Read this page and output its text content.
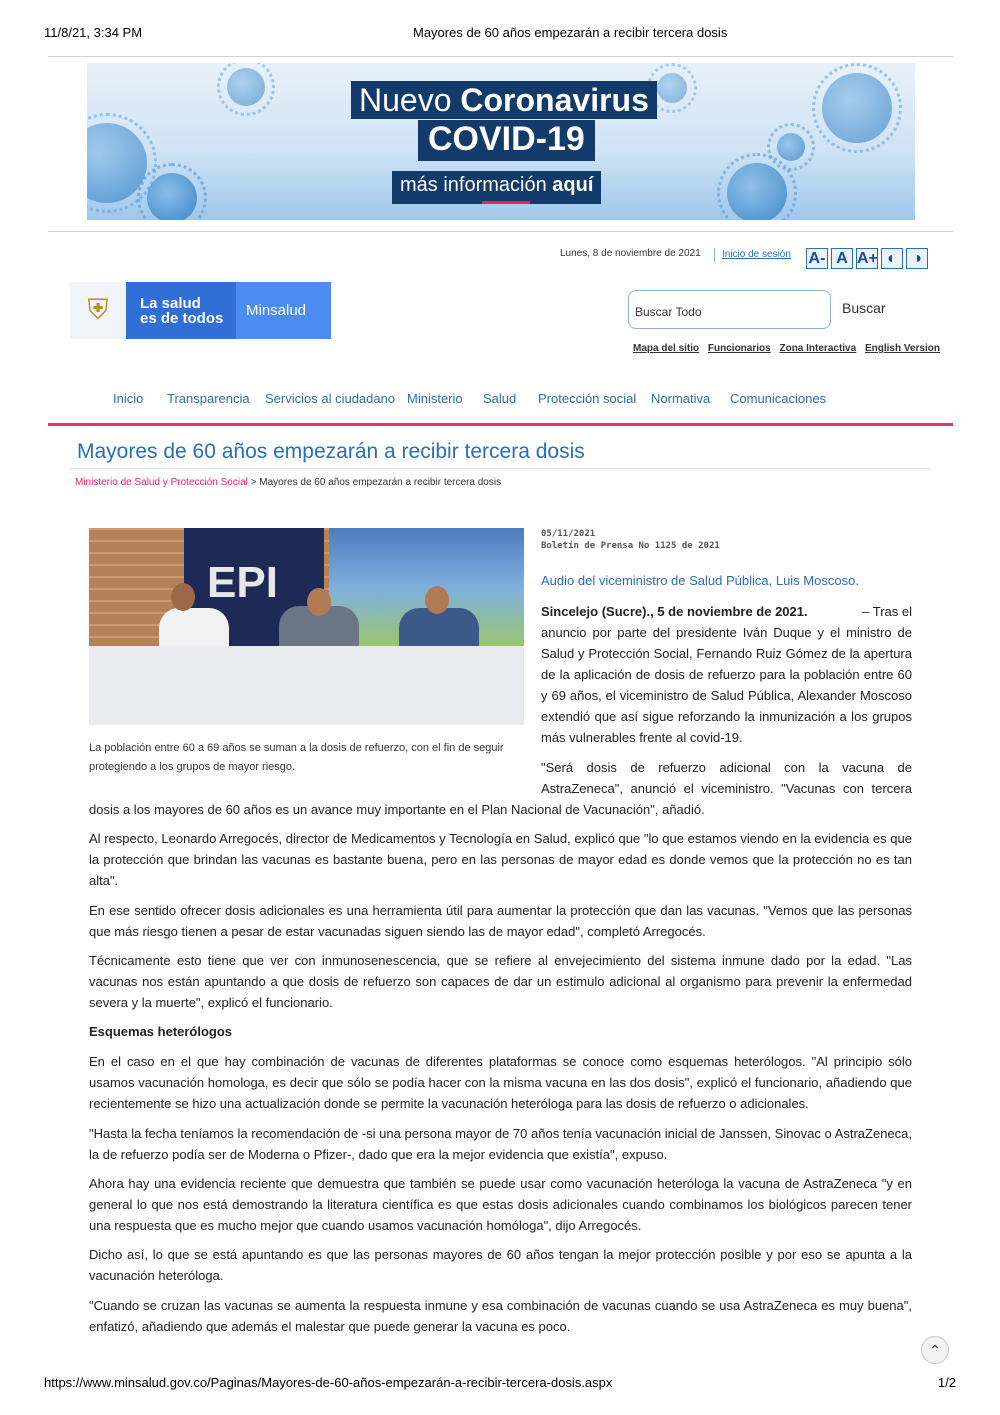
11/8/21, 3:34 PM	Mayores de 60 años empezarán a recibir tercera dosis
Nuevo Coronavirus
COVID-19
más información aquí
Lunes, 8 de noviembre de 2021 Inicio de sesión A- A A+ ◐ ◑
⛨	La salud
es de todos	Minsalud	Buscar Todo	Buscar
Mapa del sitio Funcionarios Zona Interactiva English Version
Inicio Transparencia Servicios al ciudadano Ministerio Salud Protección social Normativa Comunicaciones
Mayores de 60 años empezarán a recibir tercera dosis
Ministerio de Salud y Protección Social > Mayores de 60 años empezarán a recibir tercera dosis
EPI

La población entre 60 a 69 años se suman a la dosis de refuerzo, con el fin de seguir protegiendo a los grupos de mayor riesgo.

05/11/2021
Boletín de Prensa No 1125 de 2021
Audio del viceministro de Salud Pública, Luis Moscoso.
Sincelejo (Sucre)., 5 de noviembre de 2021.	– Tras el
anuncio por parte del presidente Iván Duque y el ministro de
Salud y Protección Social, Fernando Ruiz Gómez de la apertura
de la aplicación de dosis de refuerzo para la población entre 60
y 69 años, el viceministro de Salud Pública, Alexander Moscoso
extendió que así sigue reforzando la inmunización a los grupos
más vulnerables frente al covid-19.
"Será dosis de refuerzo adicional con la vacuna de
AstraZeneca", anunció el viceministro. "Vacunas con tercera
dosis a los mayores de 60 años es un avance muy importante en el Plan Nacional de Vacunación", añadió.

Al respecto, Leonardo Arregocés, director de Medicamentos y Tecnología en Salud, explicó que "lo que estamos viendo en la evidencia es que la protección que brindan las vacunas es bastante buena, pero en las personas de mayor edad es donde vemos que la protección no es tan alta".

En ese sentido ofrecer dosis adicionales es una herramienta útil para aumentar la protección que dan las vacunas. "Vemos que las personas que más riesgo tienen a pesar de estar vacunadas siguen siendo las de mayor edad", completó Arregocés.

Técnicamente esto tiene que ver con inmunosenescencia, que se refiere al envejecimiento del sistema inmune dado por la edad. "Las vacunas nos están apuntando a que dosis de refuerzo son capaces de dar un estimulo adicional al organismo para prevenir la enfermedad severa y la muerte", explicó el funcionario.

Esquemas heterólogos

En el caso en el que hay combinación de vacunas de diferentes plataformas se conoce como esquemas heterólogos. "Al principio sólo usamos vacunación homologa, es decir que sólo se podía hacer con la misma vacuna en las dos dosis", explicó el funcionario, añadiendo que recientemente se hizo una actualización donde se permite la vacunación heteróloga para las dosis de refuerzo o adicionales.

"Hasta la fecha teníamos la recomendación de -si una persona mayor de 70 años tenía vacunación inicial de Janssen, Sinovac o AstraZeneca, la de refuerzo podía ser de Moderna o Pfizer-, dado que era la mejor evidencia que existía", expuso.

Ahora hay una evidencia reciente que demuestra que también se puede usar como vacunación heteróloga la vacuna de AstraZeneca "y en general lo que nos está demostrando la literatura científica es que estas dosis adicionales cuando combinamos los biológicos parecen tener una respuesta que es mucho mejor que cuando usamos vacunación homóloga", dijo Arregocés.

Dicho así, lo que se está apuntando es que las personas mayores de 60 años tengan la mejor protección posible y por eso se apunta a la vacunación heteróloga.

"Cuando se cruzan las vacunas se aumenta la respuesta inmune y esa combinación de vacunas cuando se usa AstraZeneca es muy buena", enfatizó, añadiendo que además el malestar que puede generar la vacuna es poco.

⌃
https://www.minsalud.gov.co/Paginas/Mayores-de-60-años-empezarán-a-recibir-tercera-dosis.aspx	1/2
